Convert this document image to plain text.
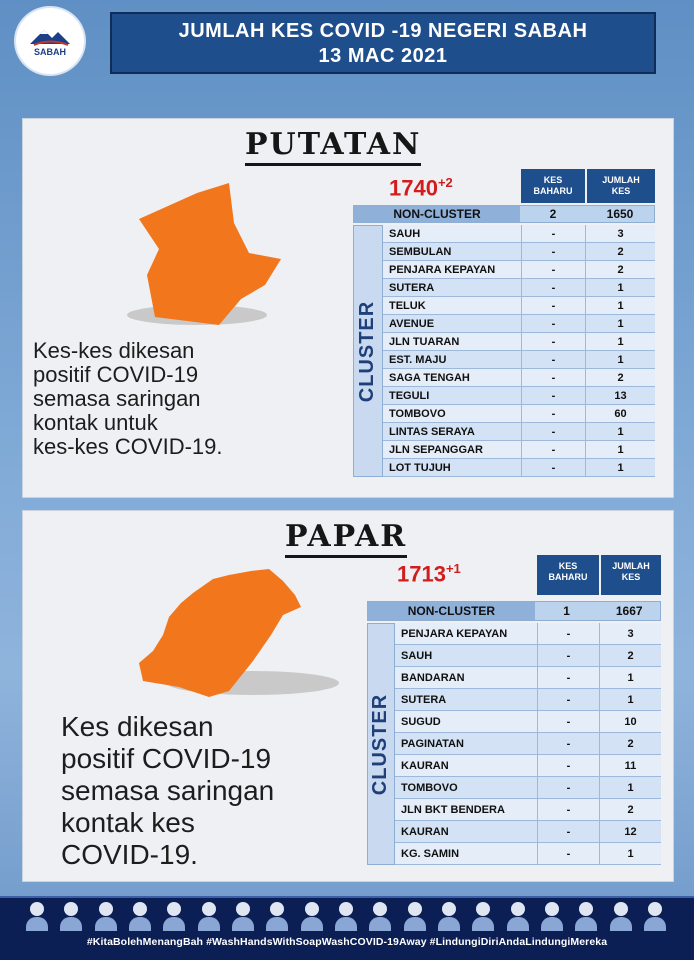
SABAH
JUMLAH KES COVID -19 NEGERI SABAH
13 MAC 2021
PUTATAN
$1740^{+2}$
Kes-kes dikesan
positif COVID-19
semasa saringan
kontak untuk
kes-kes COVID-19.
KES
BAHARU
JUMLAH
KES
NON-CLUSTER	2	1650
CLUSTER
SAUH	-	3
SEMBULAN	-	2
PENJARA KEPAYAN	-	2
SUTERA	-	1
TELUK	-	1
AVENUE	-	1
JLN TUARAN	-	1
EST. MAJU	-	1
SAGA TENGAH	-	2
TEGULI	-	13
TOMBOVO	-	60
LINTAS SERAYA	-	1
JLN SEPANGGAR	-	1
LOT TUJUH	-	1
PAPAR
$1713^{+1}$
Kes dikesan
positif COVID-19
semasa saringan
kontak kes
COVID-19.
KES
BAHARU
JUMLAH
KES
NON-CLUSTER	1	1667
CLUSTER
PENJARA KEPAYAN	-	3
SAUH	-	2
BANDARAN	-	1
SUTERA	-	1
SUGUD	-	10
PAGINATAN	-	2
KAURAN	-	11
TOMBOVO	-	1
JLN BKT BENDERA	-	2
KAURAN	-	12
KG. SAMIN	-	1
#KitaBolehMenangBah #WashHandsWithSoapWashCOVID-19Away #LindungiDiriAndaLindungiMereka
